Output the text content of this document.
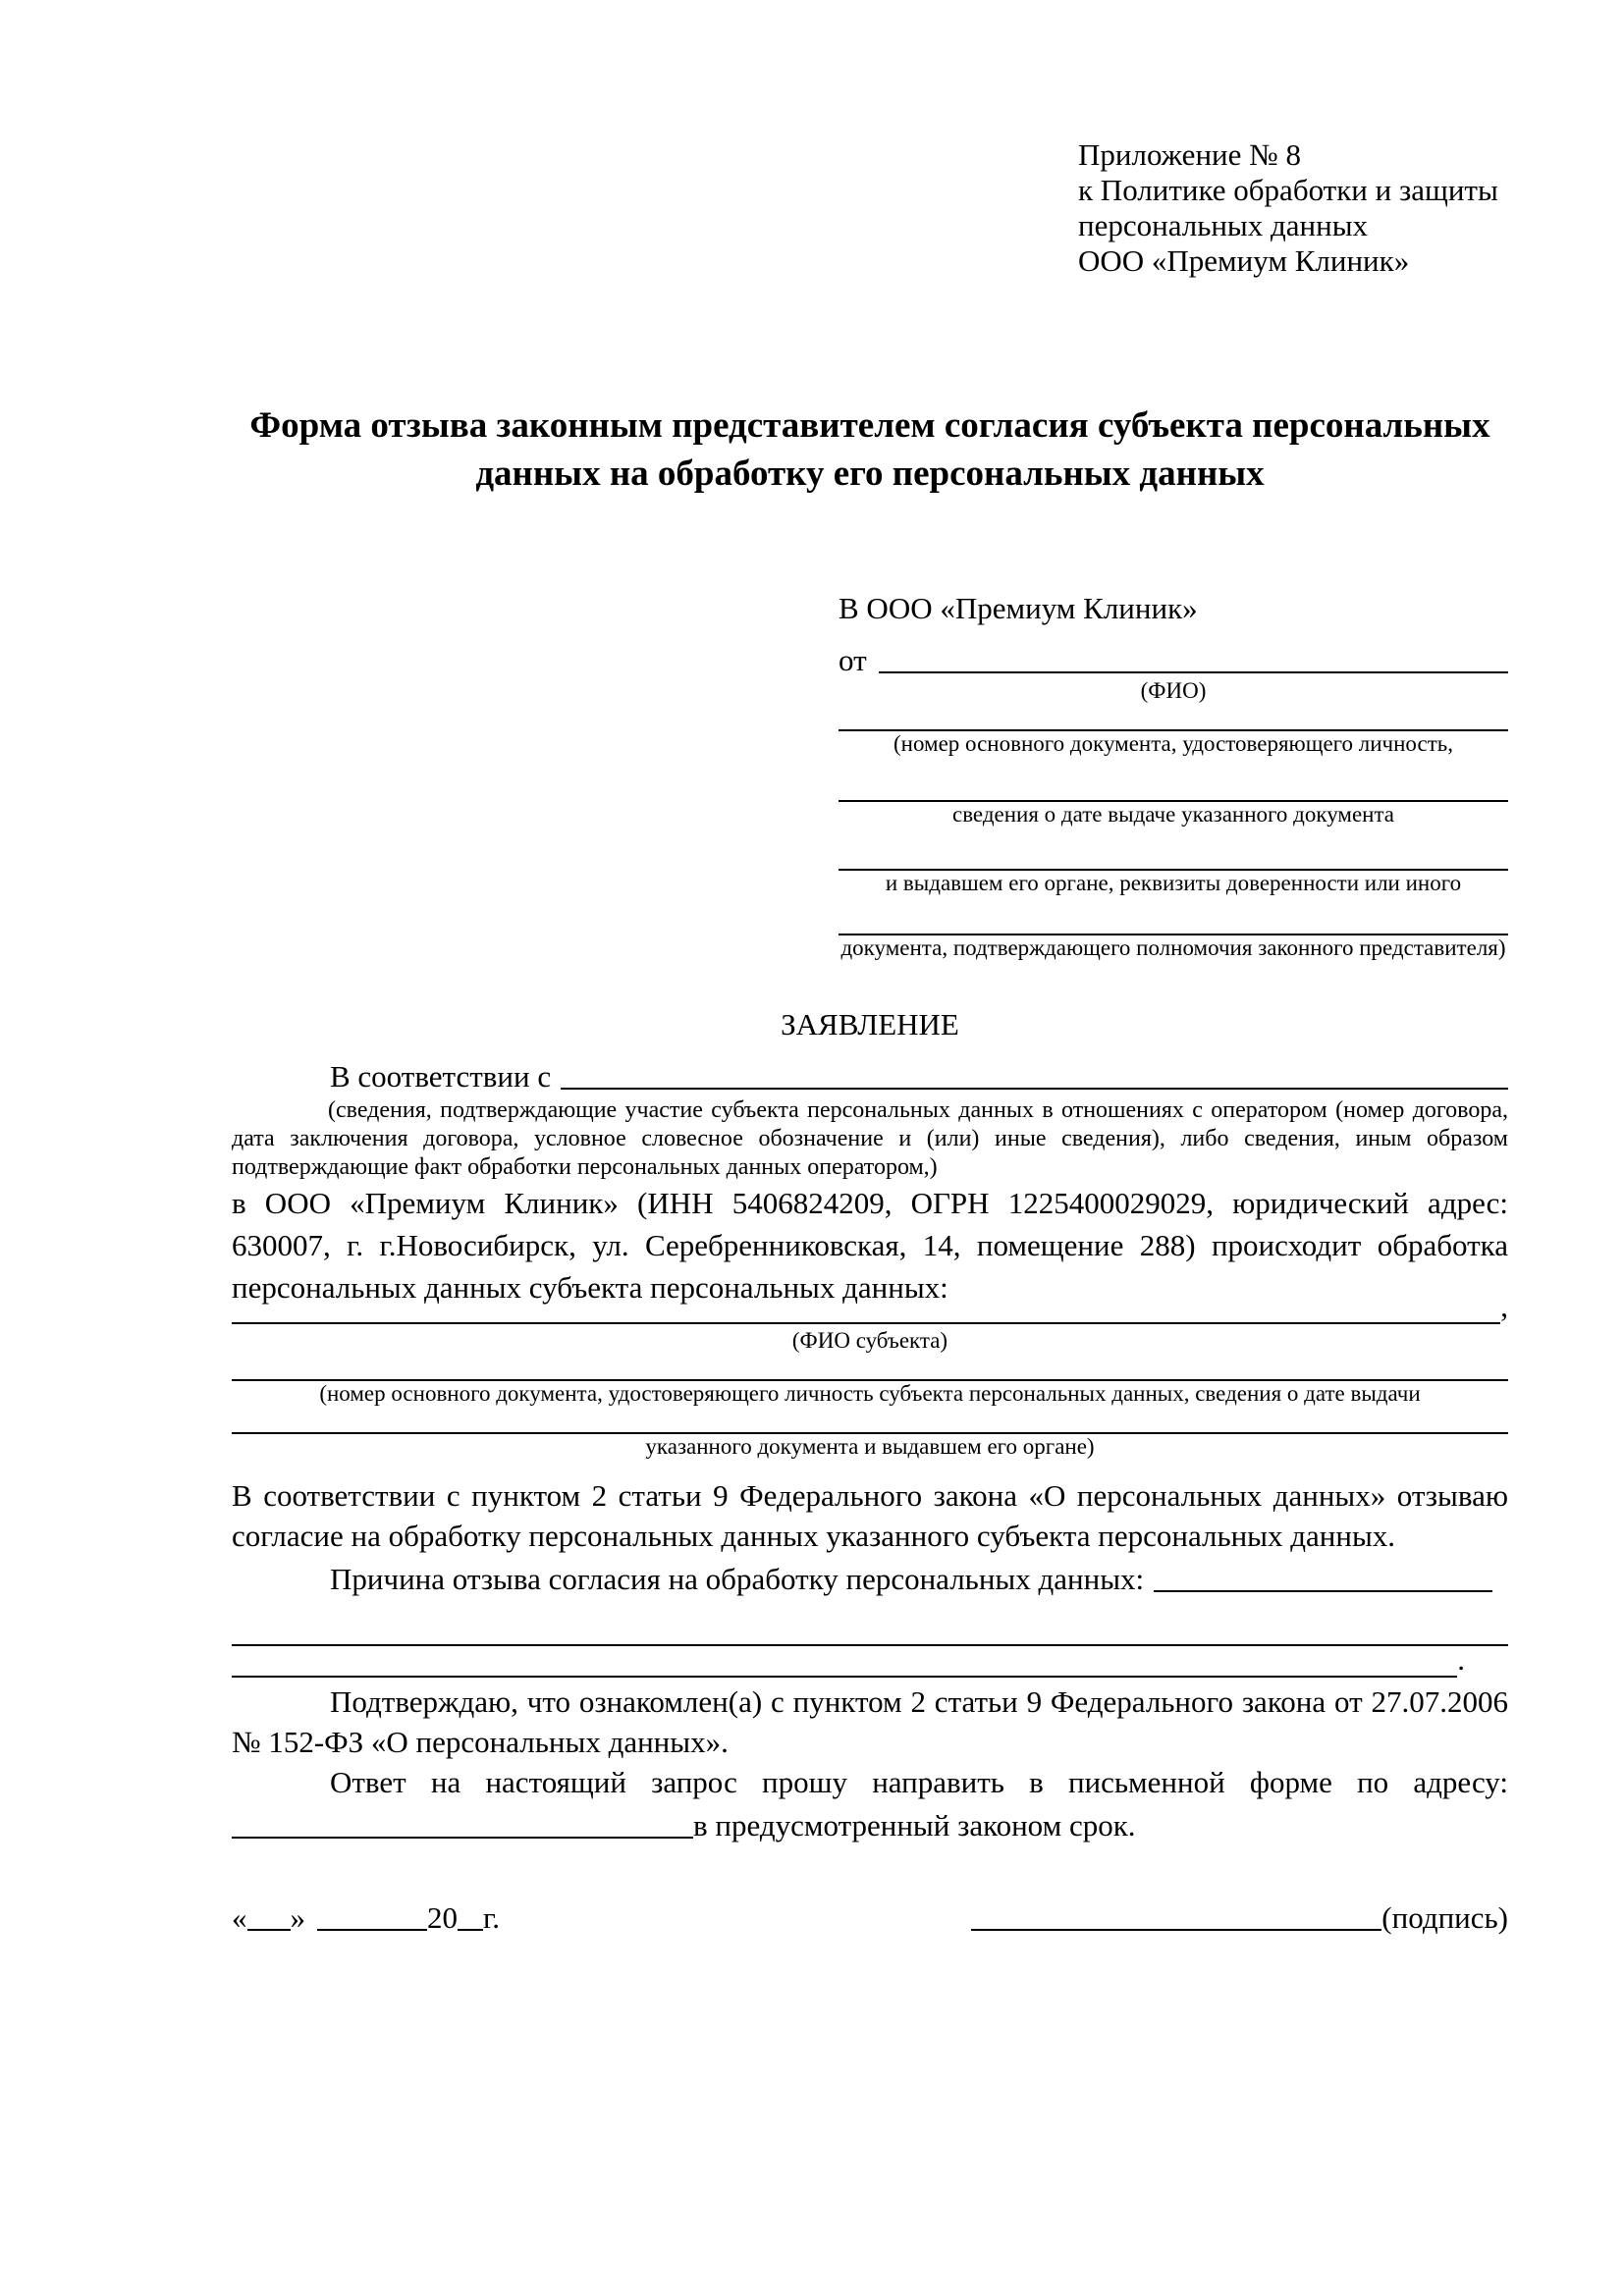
Приложение № 8
к Политике обработки и защиты
персональных данных
ООО «Премиум Клиник»
Форма отзыва законным представителем согласия субъекта персональных данных на обработку его персональных данных
В ООО «Премиум Клиник»
от
(ФИО)
(номер основного документа, удостоверяющего личность,
сведения о дате выдаче указанного документа
и выдавшем его органе, реквизиты доверенности или иного
документа, подтверждающего полномочия законного представителя)
ЗАЯВЛЕНИЕ
В соответствии с
(сведения, подтверждающие участие субъекта персональных данных в отношениях с оператором (номер договора, дата заключения договора, условное словесное обозначение и (или) иные сведения), либо сведения, иным образом подтверждающие факт обработки персональных данных оператором,)

в ООО «Премиум Клиник» (ИНН 5406824209, ОГРН 1225400029029, юридический адрес: 630007, г. г.Новосибирск, ул. Серебренниковская, 14, помещение 288) происходит обработка персональных данных субъекта персональных данных:

,
(ФИО субъекта)
(номер основного документа, удостоверяющего личность субъекта персональных данных, сведения о дате выдачи
указанного документа и выдавшем его органе)

В соответствии с пунктом 2 статьи 9 Федерального закона «О персональных данных» отзываю согласие на обработку персональных данных указанного субъекта персональных данных.

Причина отзыва согласия на обработку персональных данных:
.

Подтверждаю, что ознакомлен(а) с пунктом 2 статьи 9 Федерального закона от 27.07.2006 № 152-ФЗ «О персональных данных».

Ответ на настоящий запрос прошу направить в письменной форме по адресу:

в предусмотренный законом срок.
« »	20 г.	(подпись)
